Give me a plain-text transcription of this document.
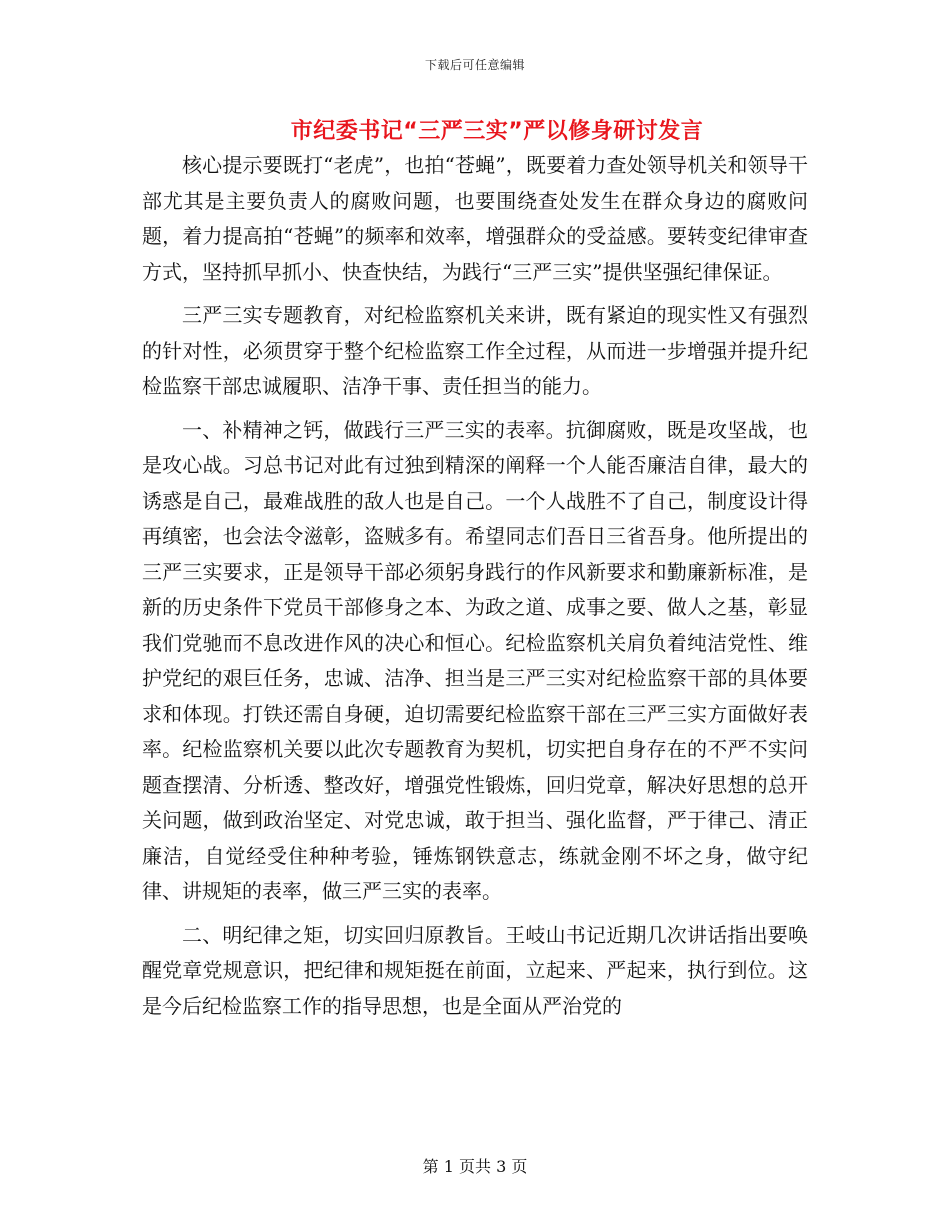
下载后可任意编辑
市纪委书记“三严三实”严以修身研讨发言

核心提示要既打“老虎”，也拍“苍蝇”，既要着力查处领导机关和领导干部尤其是主要负责人的腐败问题，也要围绕查处发生在群众身边的腐败问题，着力提高拍“苍蝇”的频率和效率，增强群众的受益感。要转变纪律审查方式，坚持抓早抓小、快查快结，为践行“三严三实”提供坚强纪律保证。

三严三实专题教育，对纪检监察机关来讲，既有紧迫的现实性又有强烈的针对性，必须贯穿于整个纪检监察工作全过程，从而进一步增强并提升纪检监察干部忠诚履职、洁净干事、责任担当的能力。

一、补精神之钙，做践行三严三实的表率。抗御腐败，既是攻坚战，也是攻心战。习总书记对此有过独到精深的阐释一个人能否廉洁自律，最大的诱惑是自己，最难战胜的敌人也是自己。一个人战胜不了自己，制度设计得再缜密，也会法令滋彰，盗贼多有。希望同志们吾日三省吾身。他所提出的三严三实要求，正是领导干部必须躬身践行的作风新要求和勤廉新标准，是新的历史条件下党员干部修身之本、为政之道、成事之要、做人之基，彰显我们党驰而不息改进作风的决心和恒心。纪检监察机关肩负着纯洁党性、维护党纪的艰巨任务，忠诚、洁净、担当是三严三实对纪检监察干部的具体要求和体现。打铁还需自身硬，迫切需要纪检监察干部在三严三实方面做好表率。纪检监察机关要以此次专题教育为契机，切实把自身存在的不严不实问题查摆清、分析透、整改好，增强党性锻炼，回归党章，解决好思想的总开关问题，做到政治坚定、对党忠诚，敢于担当、强化监督，严于律己、清正廉洁，自觉经受住种种考验，锤炼钢铁意志，练就金刚不坏之身，做守纪律、讲规矩的表率，做三严三实的表率。

二、明纪律之矩，切实回归原教旨。王岐山书记近期几次讲话指出要唤醒党章党规意识，把纪律和规矩挺在前面，立起来、严起来，执行到位。这是今后纪检监察工作的指导思想，也是全面从严治党的

第 1 页共 3 页
